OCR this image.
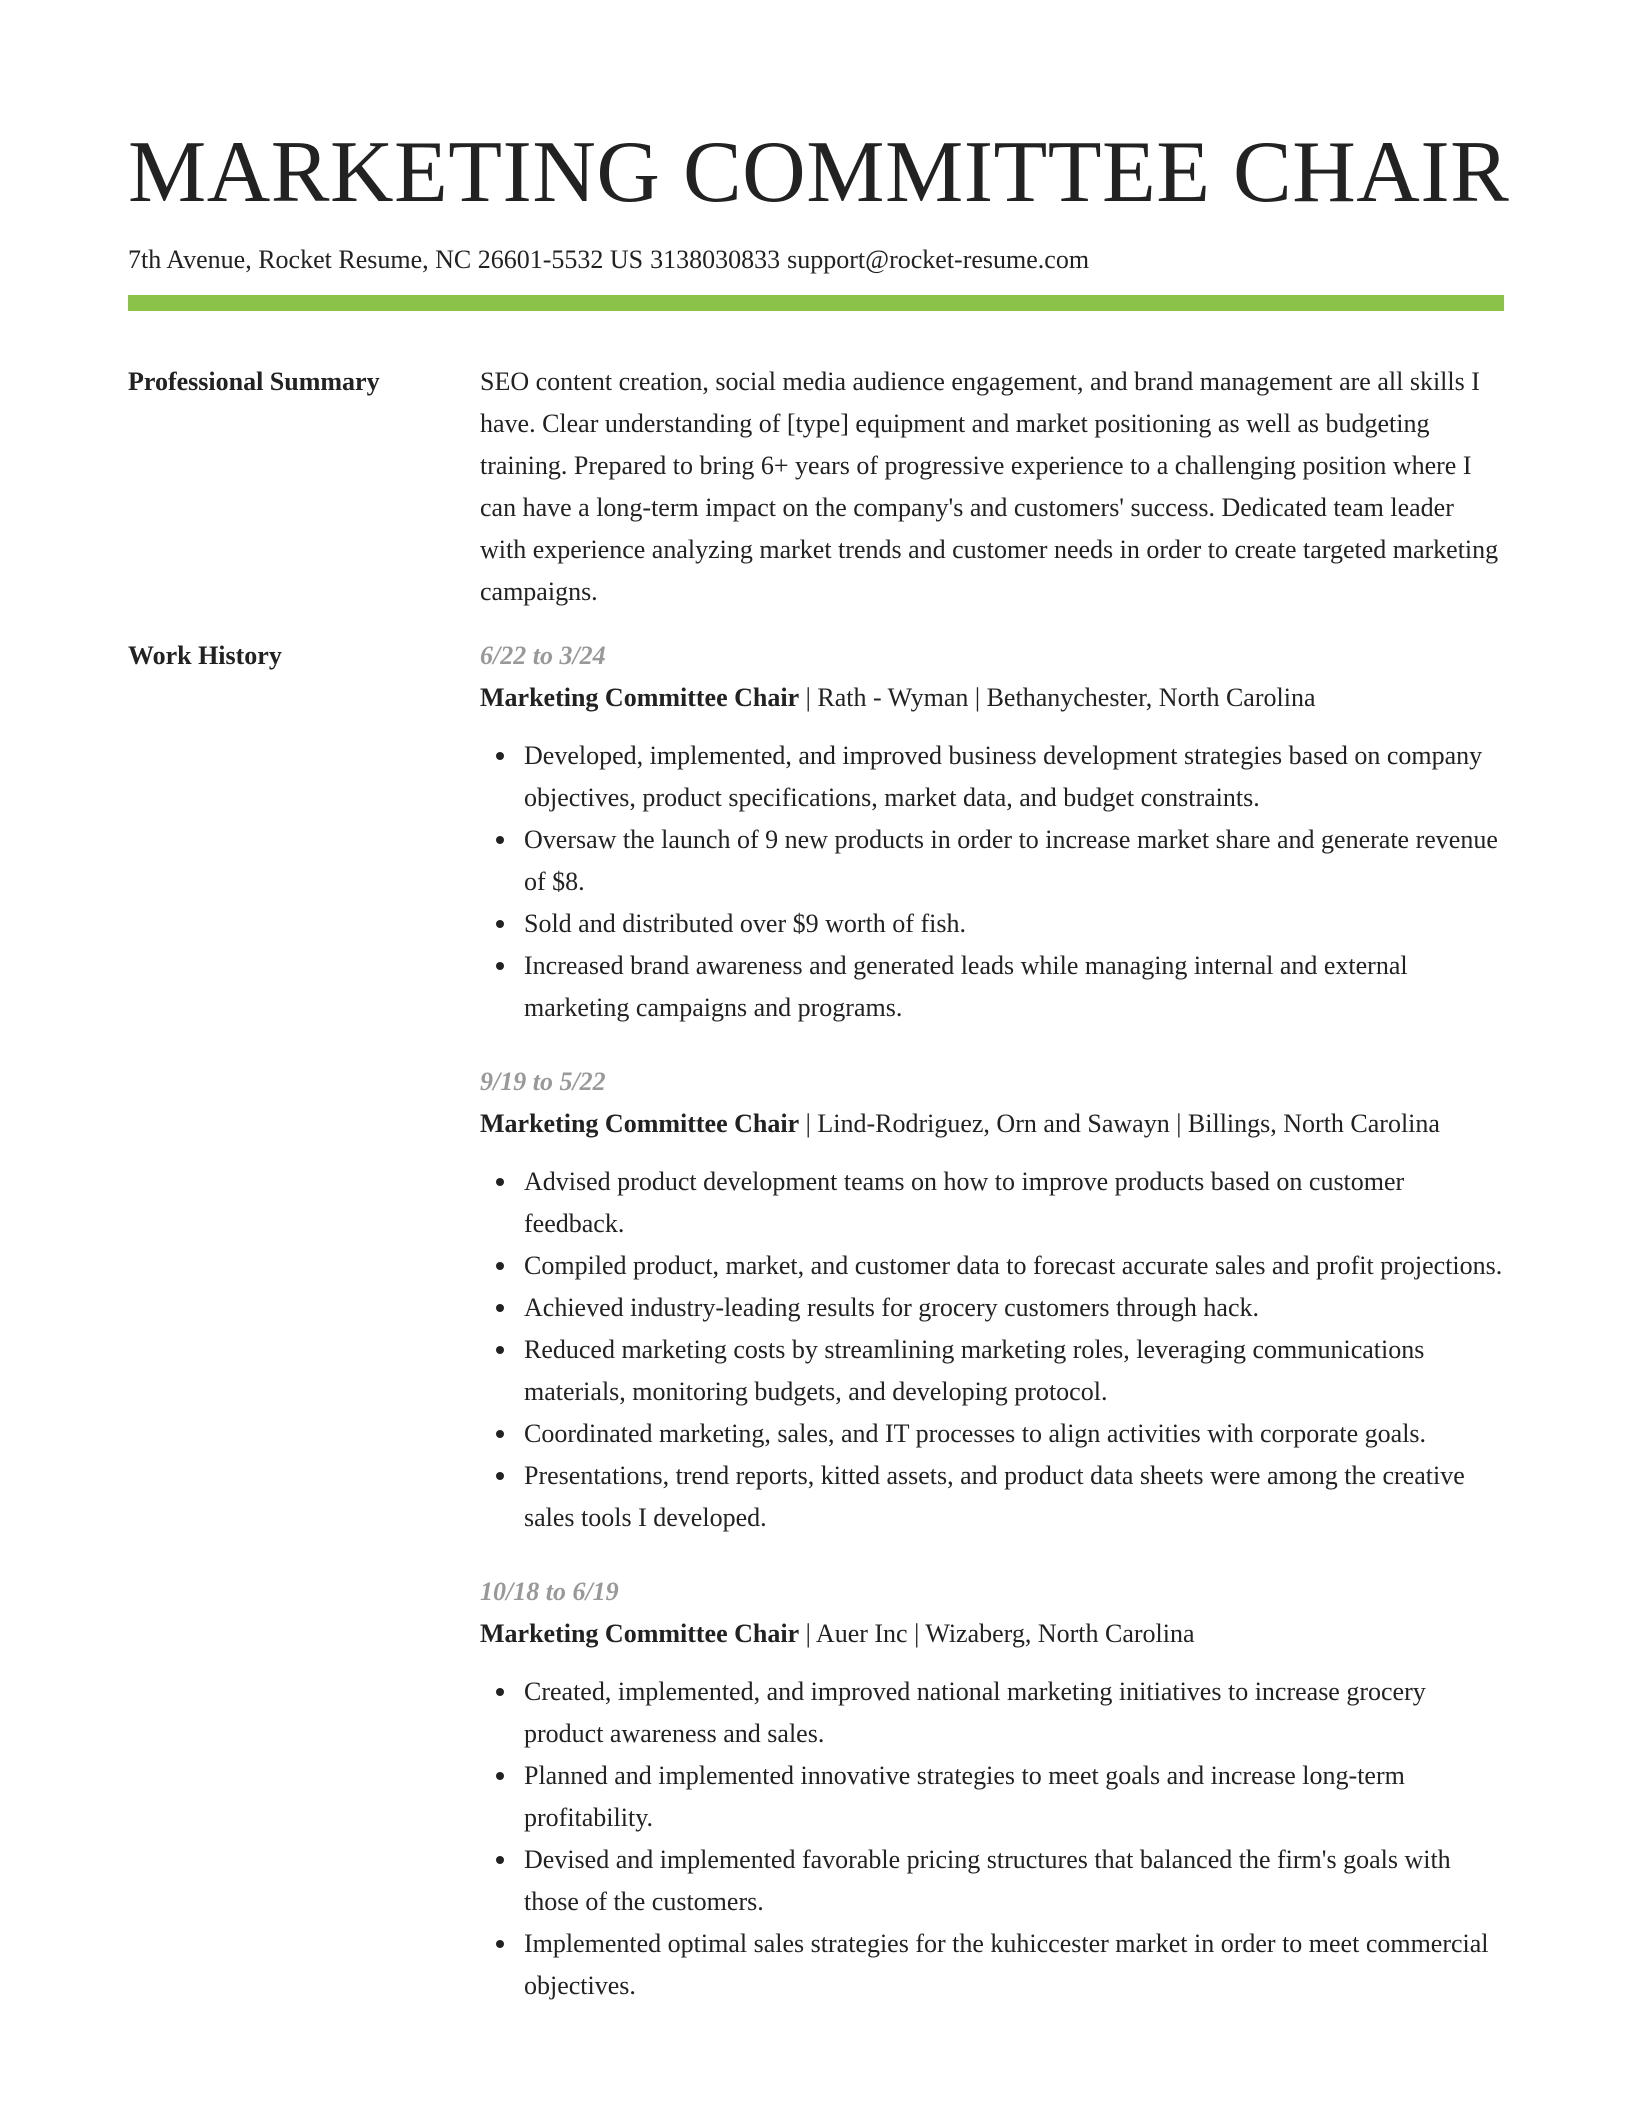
MARKETING COMMITTEE CHAIR
7th Avenue, Rocket Resume, NC 26601-5532 US 3138030833 support@rocket-resume.com
Professional Summary	SEO content creation, social media audience engagement, and brand management are all skills I have. Clear understanding of [type] equipment and market positioning as well as budgeting training. Prepared to bring 6+ years of progressive experience to a challenging position where I can have a long-term impact on the company's and customers' success. Dedicated team leader with experience analyzing market trends and customer needs in order to create targeted marketing campaigns.
Work History	6/22 to 3/24
Marketing Committee Chair | Rath - Wyman | Bethanychester, North Carolina
Developed, implemented, and improved business development strategies based on company objectives, product specifications, market data, and budget constraints.
Oversaw the launch of 9 new products in order to increase market share and generate revenue of $8.
Sold and distributed over $9 worth of fish.
Increased brand awareness and generated leads while managing internal and external marketing campaigns and programs.
9/19 to 5/22
Marketing Committee Chair | Lind-Rodriguez, Orn and Sawayn | Billings, North Carolina
Advised product development teams on how to improve products based on customer feedback.
Compiled product, market, and customer data to forecast accurate sales and profit projections.
Achieved industry-leading results for grocery customers through hack.
Reduced marketing costs by streamlining marketing roles, leveraging communications materials, monitoring budgets, and developing protocol.
Coordinated marketing, sales, and IT processes to align activities with corporate goals.
Presentations, trend reports, kitted assets, and product data sheets were among the creative sales tools I developed.
10/18 to 6/19
Marketing Committee Chair | Auer Inc | Wizaberg, North Carolina
Created, implemented, and improved national marketing initiatives to increase grocery product awareness and sales.
Planned and implemented innovative strategies to meet goals and increase long-term profitability.
Devised and implemented favorable pricing structures that balanced the firm's goals with those of the customers.
Implemented optimal sales strategies for the kuhiccester market in order to meet commercial objectives.
